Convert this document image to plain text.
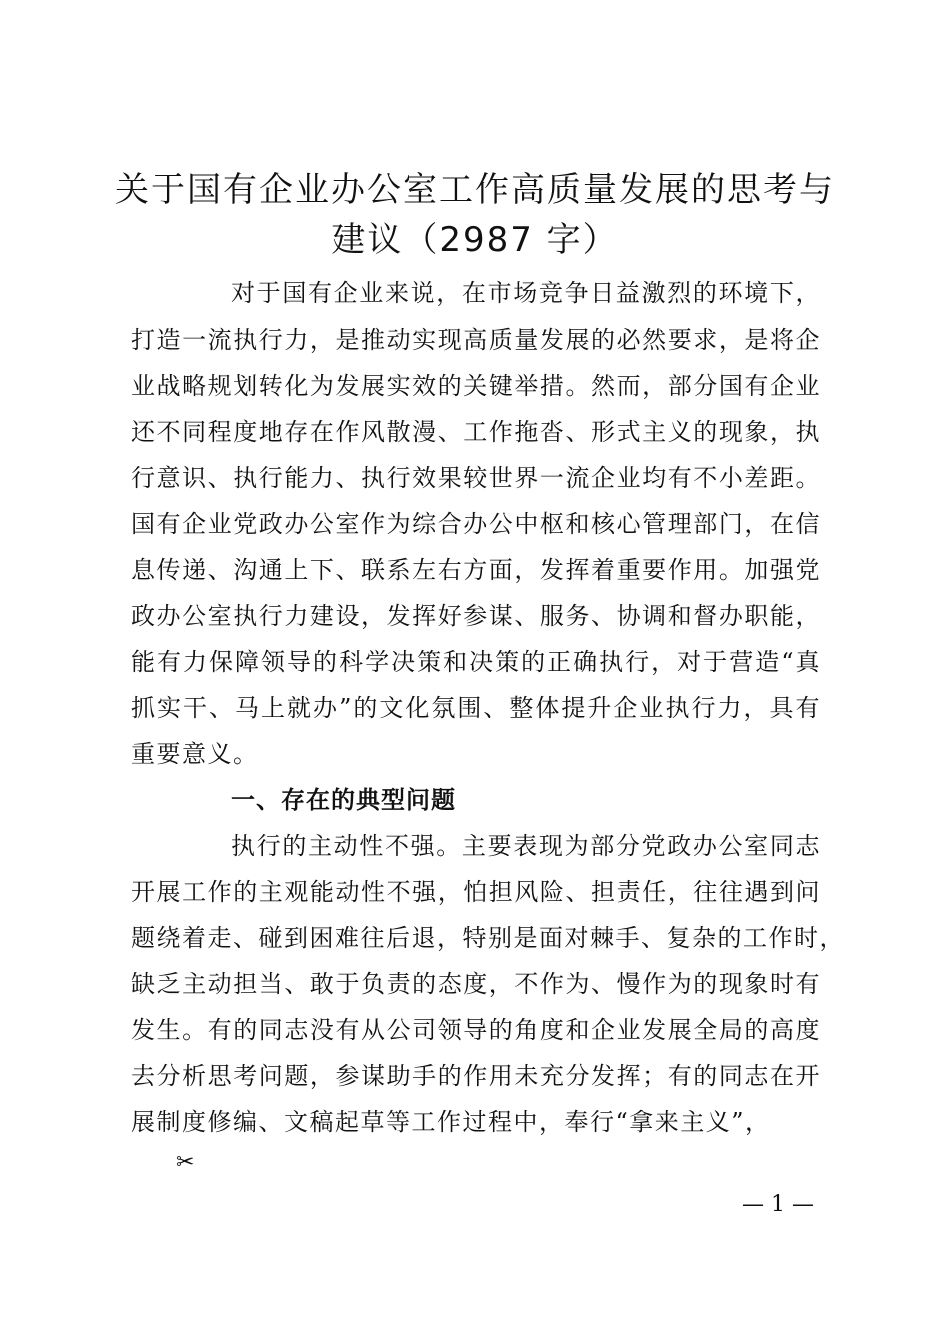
关于国有企业办公室工作高质量发展的思考与
建议（2987 字）
对于国有企业来说，在市场竞争日益激烈的环境下，
打造一流执行力，是推动实现高质量发展的必然要求，是将企
业战略规划转化为发展实效的关键举措。然而，部分国有企业
还不同程度地存在作风散漫、工作拖沓、形式主义的现象，执
行意识、执行能力、执行效果较世界一流企业均有不小差距。
国有企业党政办公室作为综合办公中枢和核心管理部门，在信
息传递、沟通上下、联系左右方面，发挥着重要作用。加强党
政办公室执行力建设，发挥好参谋、服务、协调和督办职能，
能有力保障领导的科学决策和决策的正确执行，对于营造“真
抓实干、马上就办”的文化氛围、整体提升企业执行力，具有
重要意义。
一、存在的典型问题
执行的主动性不强。主要表现为部分党政办公室同志
开展工作的主观能动性不强，怕担风险、担责任，往往遇到问
题绕着走、碰到困难往后退，特别是面对棘手、复杂的工作时，
缺乏主动担当、敢于负责的态度，不作为、慢作为的现象时有
发生。有的同志没有从公司领导的角度和企业发展全局的高度
去分析思考问题，参谋助手的作用未充分发挥；有的同志在开
展制度修编、文稿起草等工作过程中，奉行“拿来主义”，
✂
— 1 —
